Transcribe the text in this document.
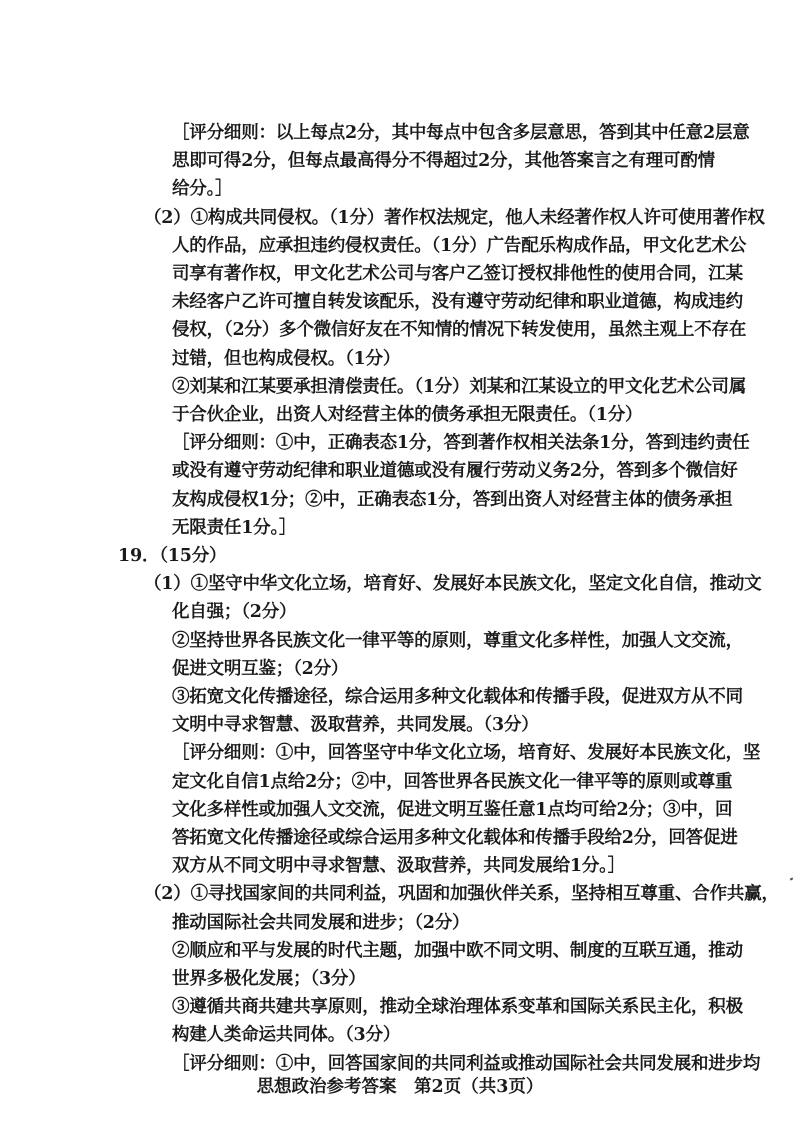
［评分细则：以上每点2分，其中每点中包含多层意思，答到其中任意2层意
思即可得2分，但每点最高得分不得超过2分，其他答案言之有理可酌情
给分。］
（2）①构成共同侵权。（1分）著作权法规定，他人未经著作权人许可使用著作权
人的作品，应承担违约侵权责任。（1分）广告配乐构成作品，甲文化艺术公
司享有著作权，甲文化艺术公司与客户乙签订授权排他性的使用合同，江某
未经客户乙许可擅自转发该配乐，没有遵守劳动纪律和职业道德，构成违约
侵权，（2分）多个微信好友在不知情的情况下转发使用，虽然主观上不存在
过错，但也构成侵权。（1分）
②刘某和江某要承担清偿责任。（1分）刘某和江某设立的甲文化艺术公司属
于合伙企业，出资人对经营主体的债务承担无限责任。（1分）
［评分细则：①中，正确表态1分，答到著作权相关法条1分，答到违约责任
或没有遵守劳动纪律和职业道德或没有履行劳动义务2分，答到多个微信好
友构成侵权1分；②中，正确表态1分，答到出资人对经营主体的债务承担
无限责任1分。］
19．（15分）
（1）①坚守中华文化立场，培育好、发展好本民族文化，坚定文化自信，推动文
化自强；（2分）
②坚持世界各民族文化一律平等的原则，尊重文化多样性，加强人文交流，
促进文明互鉴；（2分）
③拓宽文化传播途径，综合运用多种文化载体和传播手段，促进双方从不同
文明中寻求智慧、汲取营养，共同发展。（3分）
［评分细则：①中，回答坚守中华文化立场，培育好、发展好本民族文化，坚
定文化自信1点给2分；②中，回答世界各民族文化一律平等的原则或尊重
文化多样性或加强人文交流，促进文明互鉴任意1点均可给2分；③中，回
答拓宽文化传播途径或综合运用多种文化载体和传播手段给2分，回答促进
双方从不同文明中寻求智慧、汲取营养，共同发展给1分。］
（2）①寻找国家间的共同利益，巩固和加强伙伴关系，坚持相互尊重、合作共赢，
推动国际社会共同发展和进步；（2分）
②顺应和平与发展的时代主题，加强中欧不同文明、制度的互联互通，推动
世界多极化发展；（3分）
③遵循共商共建共享原则，推动全球治理体系变革和国际关系民主化，积极
构建人类命运共同体。（3分）
［评分细则：①中，回答国家间的共同利益或推动国际社会共同发展和进步均
思想政治参考答案　第2页（共3页）
